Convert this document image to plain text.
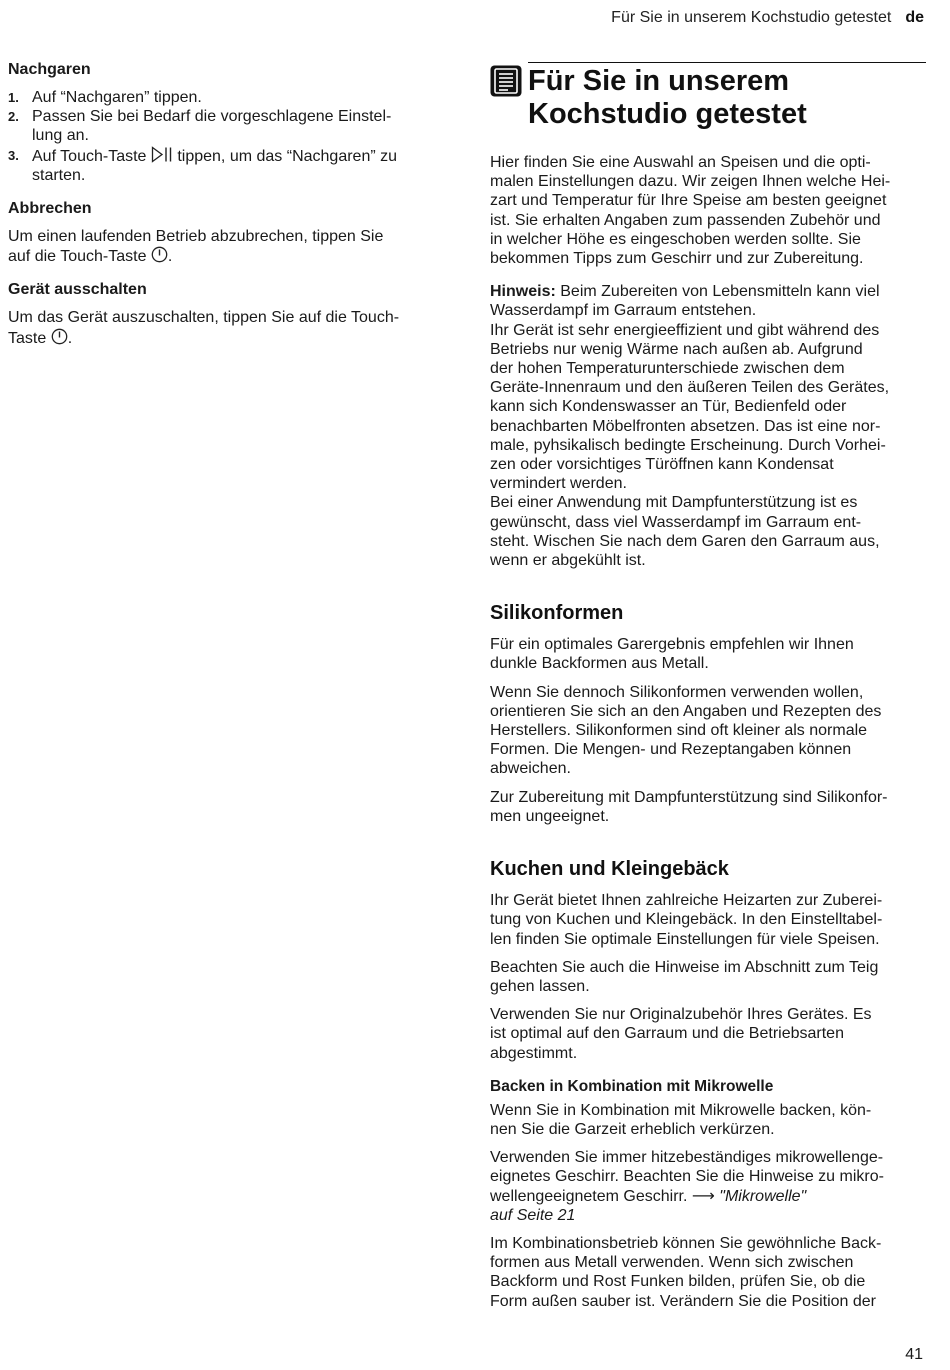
Für Sie in unserem Kochstudio getestet de
Nachgaren
1. Auf “Nachgaren” tippen.
2. Passen Sie bei Bedarf die vorgeschlagene Einstel-
lung an.
3. Auf Touch-Taste  tippen, um das “Nachgaren” zu
starten.
Abbrechen
Um einen laufenden Betrieb abzubrechen, tippen Sie
auf die Touch-Taste .
Gerät ausschalten
Um das Gerät auszuschalten, tippen Sie auf die Touch-
Taste .
Für Sie in unserem
Kochstudio getestet
Hier finden Sie eine Auswahl an Speisen und die opti-
malen Einstellungen dazu. Wir zeigen Ihnen welche Hei-
zart und Temperatur für Ihre Speise am besten geeignet
ist. Sie erhalten Angaben zum passenden Zubehör und
in welcher Höhe es eingeschoben werden sollte. Sie
bekommen Tipps zum Geschirr und zur Zubereitung.
Hinweis: Beim Zubereiten von Lebensmitteln kann viel
Wasserdampf im Garraum entstehen.
Ihr Gerät ist sehr energieeffizient und gibt während des
Betriebs nur wenig Wärme nach außen ab. Aufgrund
der hohen Temperaturunterschiede zwischen dem
Geräte-Innenraum und den äußeren Teilen des Gerätes,
kann sich Kondenswasser an Tür, Bedienfeld oder
benachbarten Möbelfronten absetzen. Das ist eine nor-
male, pyhsikalisch bedingte Erscheinung. Durch Vorhei-
zen oder vorsichtiges Türöffnen kann Kondensat
vermindert werden.
Bei einer Anwendung mit Dampfunterstützung ist es
gewünscht, dass viel Wasserdampf im Garraum ent-
steht. Wischen Sie nach dem Garen den Garraum aus,
wenn er abgekühlt ist.
Silikonformen
Für ein optimales Garergebnis empfehlen wir Ihnen
dunkle Backformen aus Metall.
Wenn Sie dennoch Silikonformen verwenden wollen,
orientieren Sie sich an den Angaben und Rezepten des
Herstellers. Silikonformen sind oft kleiner als normale
Formen. Die Mengen- und Rezeptangaben können
abweichen.
Zur Zubereitung mit Dampfunterstützung sind Silikonfor-
men ungeeignet.
Kuchen und Kleingebäck
Ihr Gerät bietet Ihnen zahlreiche Heizarten zur Zuberei-
tung von Kuchen und Kleingebäck. In den Einstelltabel-
len finden Sie optimale Einstellungen für viele Speisen.
Beachten Sie auch die Hinweise im Abschnitt zum Teig
gehen lassen.
Verwenden Sie nur Originalzubehör Ihres Gerätes. Es
ist optimal auf den Garraum und die Betriebsarten
abgestimmt.
Backen in Kombination mit Mikrowelle
Wenn Sie in Kombination mit Mikrowelle backen, kön-
nen Sie die Garzeit erheblich verkürzen.
Verwenden Sie immer hitzebeständiges mikrowellenge-
eignetes Geschirr. Beachten Sie die Hinweise zu mikro-
wellengeeignetem Geschirr. ⟶ "Mikrowelle"
auf Seite 21
Im Kombinationsbetrieb können Sie gewöhnliche Back-
formen aus Metall verwenden. Wenn sich zwischen
Backform und Rost Funken bilden, prüfen Sie, ob die
Form außen sauber ist. Verändern Sie die Position der
41
